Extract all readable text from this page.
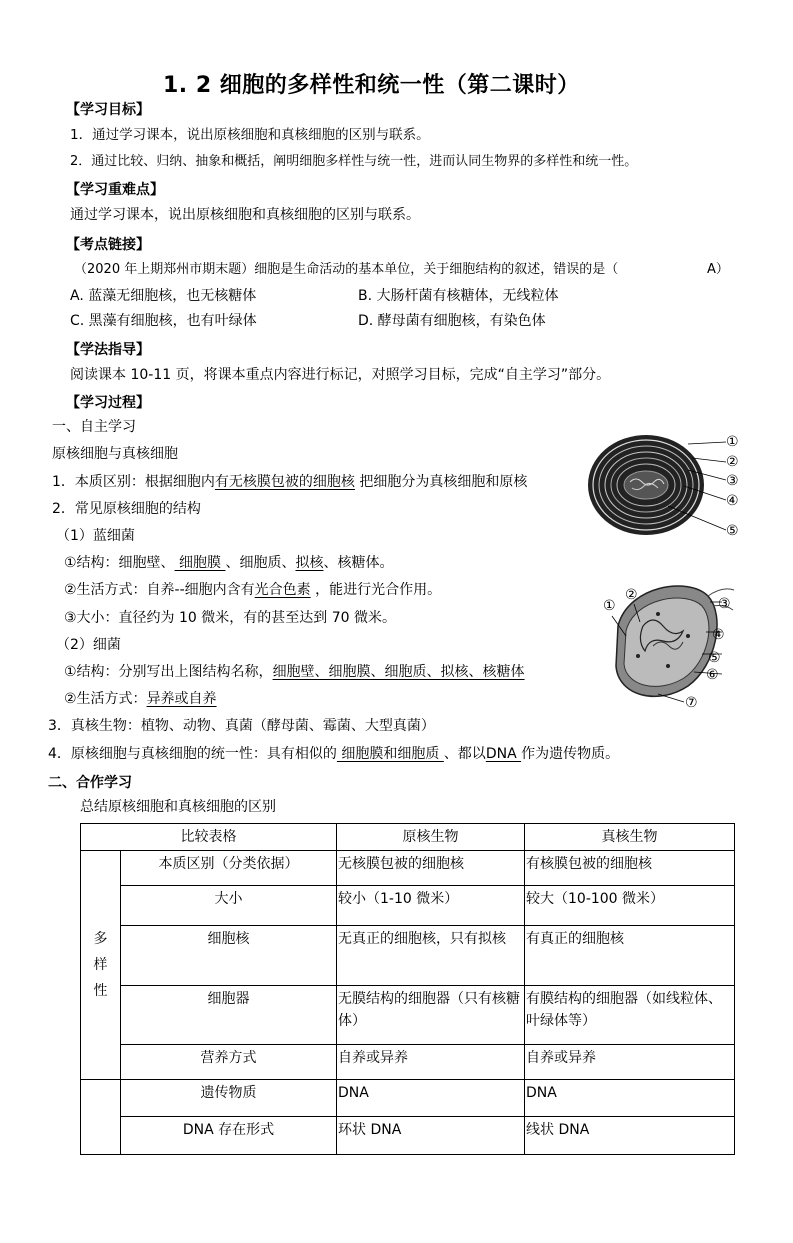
1. 2 细胞的多样性和统一性（第二课时）
【学习目标】
1．通过学习课本，说出原核细胞和真核细胞的区别与联系。
2．通过比较、归纳、抽象和概括，阐明细胞多样性与统一性，进而认同生物界的多样性和统一性。
【学习重难点】
通过学习课本，说出原核细胞和真核细胞的区别与联系。
【考点链接】
（2020 年上期郑州市期末题）细胞是生命活动的基本单位，关于细胞结构的叙述，错误的是（	A）
A. 蓝藻无细胞核，也无核糖体	B. 大肠杆菌有核糖体，无线粒体
C. 黑藻有细胞核，也有叶绿体	D. 酵母菌有细胞核，有染色体
【学法指导】
阅读课本 10-11 页，将课本重点内容进行标记，对照学习目标，完成“自主学习”部分。
【学习过程】
一、自主学习
原核细胞与真核细胞
1．本质区别：根据细胞内有无核膜包被的细胞核 把细胞分为真核细胞和原核
2．常见原核细胞的结构
（1）蓝细菌
①结构：细胞壁、 细胞膜 、细胞质、拟核、核糖体。
②生活方式：自养--细胞内含有光合色素 ，能进行光合作用。
③大小：直径约为 10 微米，有的甚至达到 70 微米。
（2）细菌
①结构：分别写出上图结构名称，细胞壁、细胞膜、细胞质、拟核、核糖体
②生活方式：异养或自养
3．真核生物：植物、动物、真菌（酵母菌、霉菌、大型真菌）
4．原核细胞与真核细胞的统一性：具有相似的 细胞膜和细胞质 、都以DNA 作为遗传物质。
二、合作学习
总结原核细胞和真核细胞的区别
①
②
③
④
⑤
①
②
③
④
⑤
⑥
⑦
比较表格		原核生物	真核生物

多
样
性	本质区别（分类依据）	无核膜包被的细胞核	有核膜包被的细胞核
	大小	较小（1-10 微米）	较大（10-100 微米）
	细胞核	无真正的细胞核，只有拟核	有真正的细胞核
	细胞器	无膜结构的细胞器（只有核糖体）	有膜结构的细胞器（如线粒体、叶绿体等）
	营养方式	自养或异养	自养或异养
	遗传物质	DNA	DNA
	DNA 存在形式	环状 DNA	线状 DNA
